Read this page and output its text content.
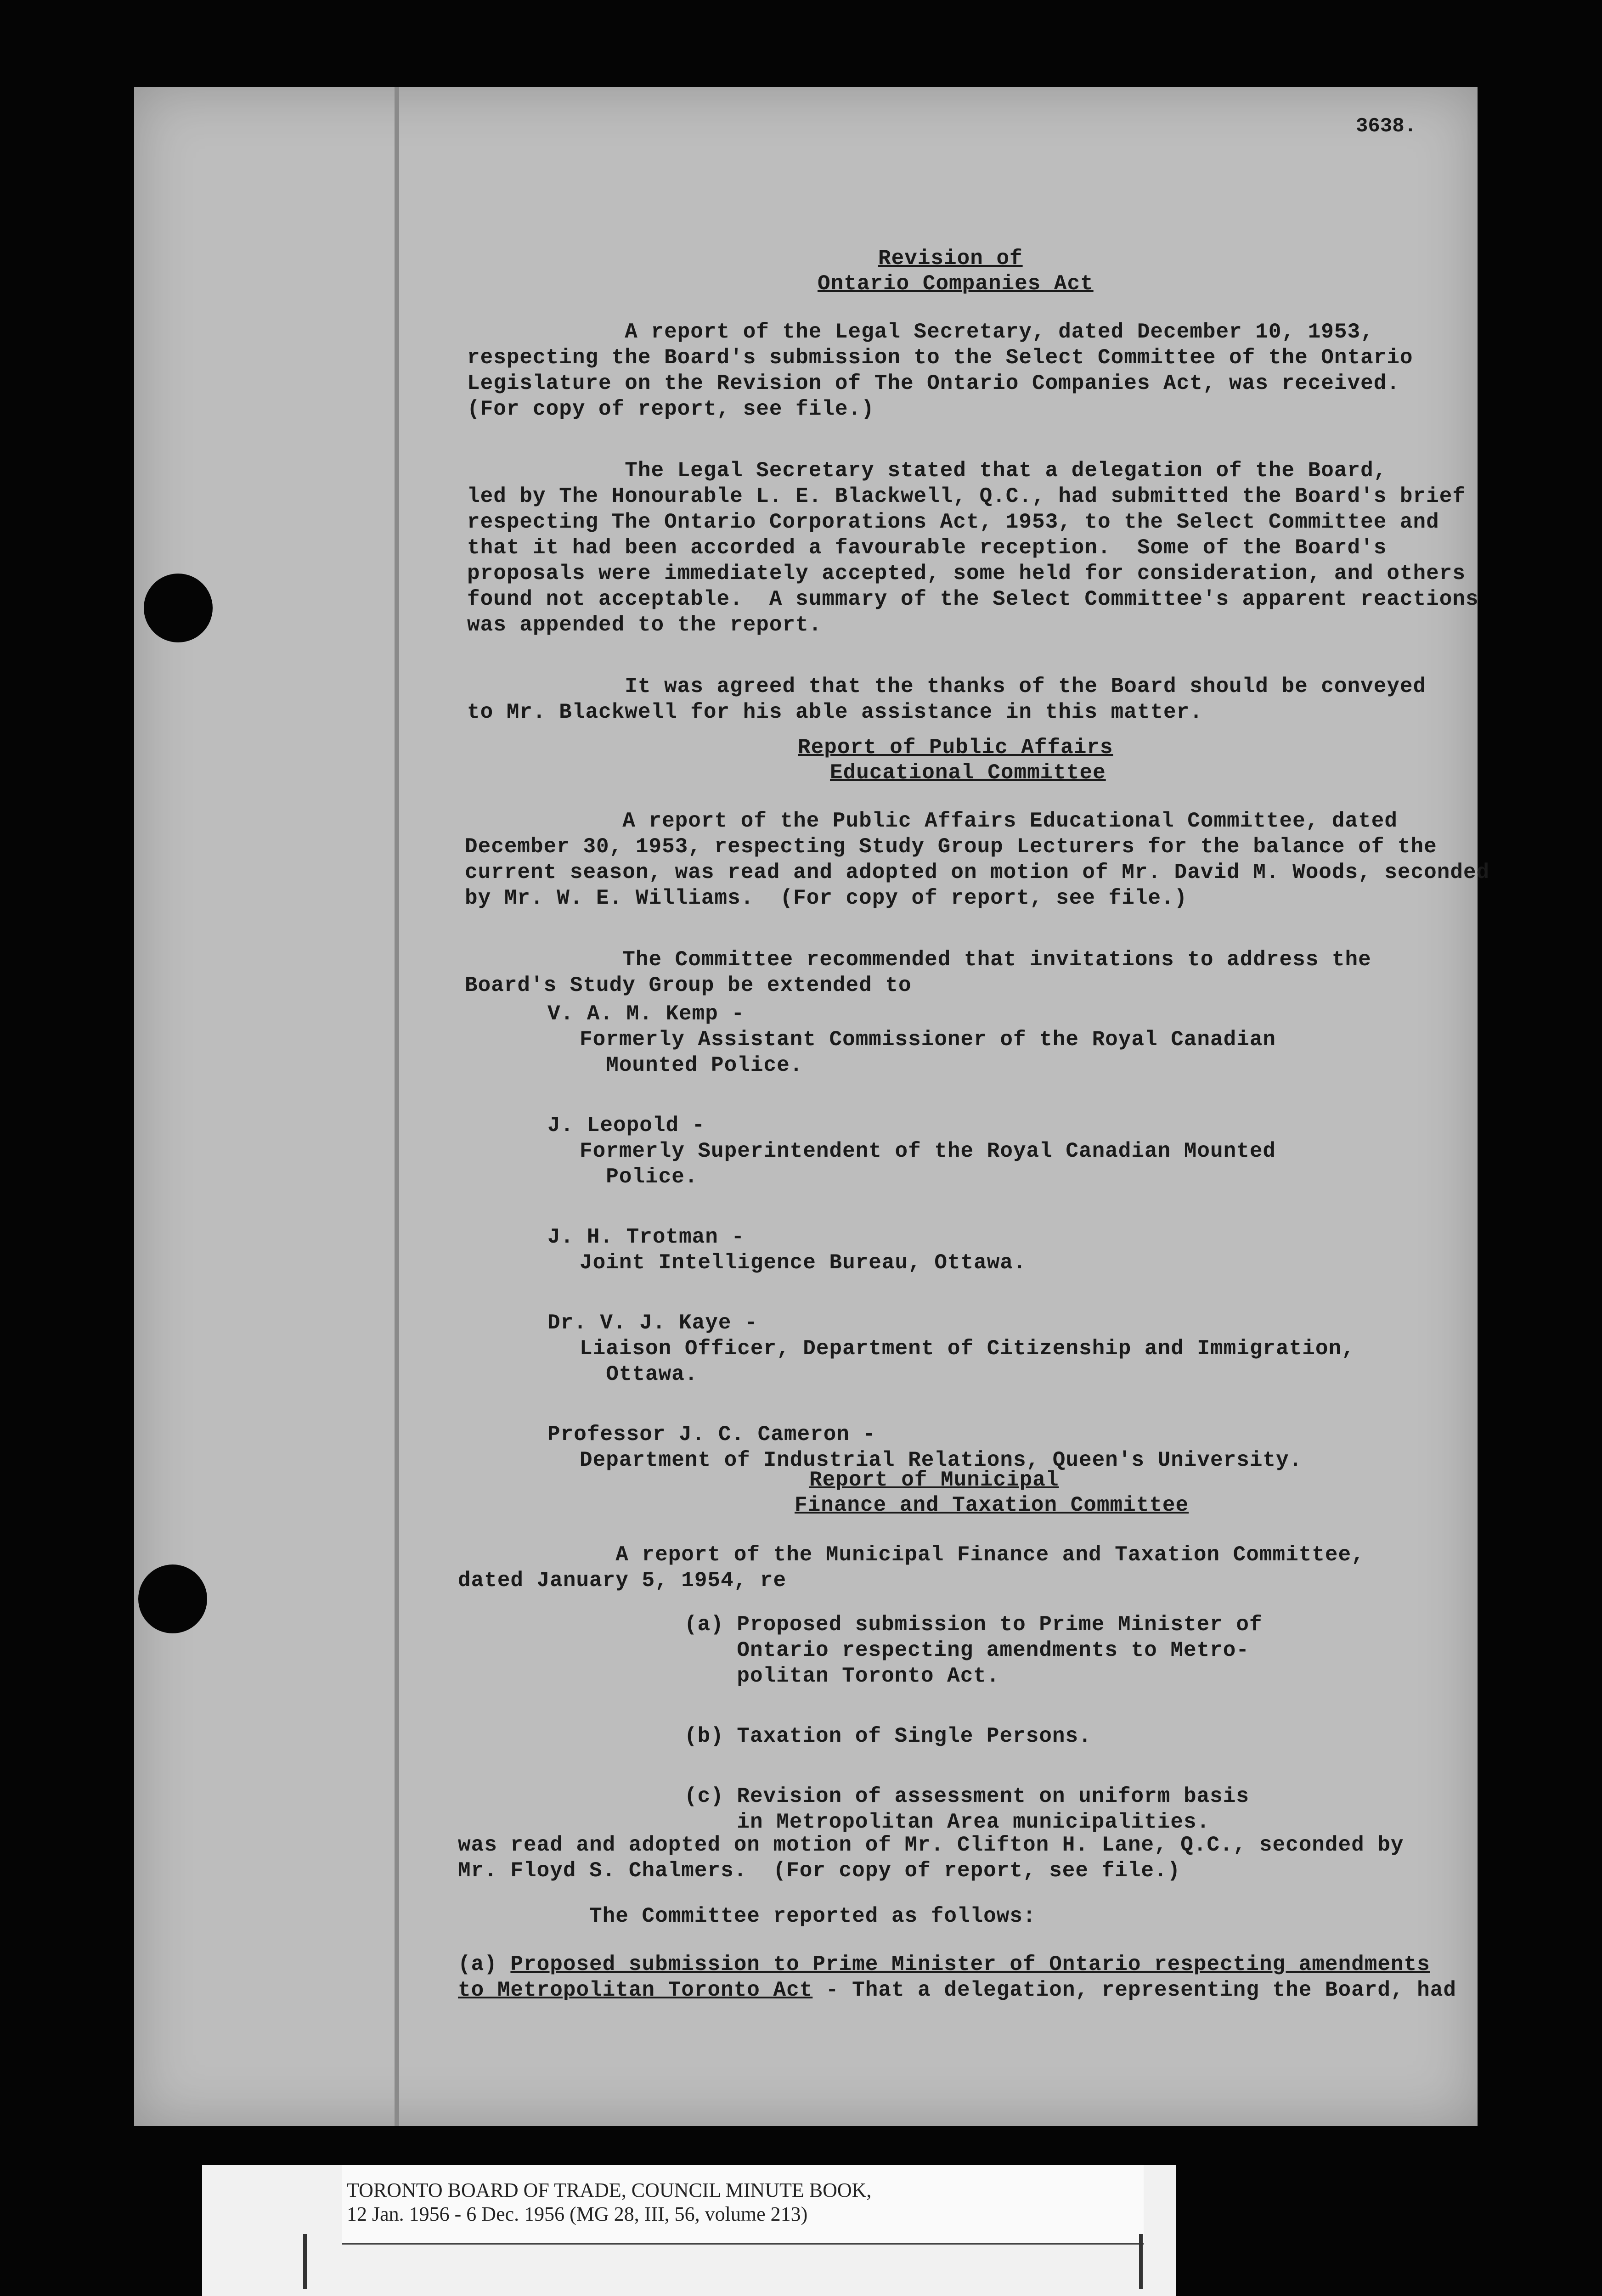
3638.
Revision of
Ontario Companies Act
A report of the Legal Secretary, dated December 10, 1953,
respecting the Board's submission to the Select Committee of the Ontario
Legislature on the Revision of The Ontario Companies Act, was received.
(For copy of report, see file.)
The Legal Secretary stated that a delegation of the Board,
led by The Honourable L. E. Blackwell, Q.C., had submitted the Board's brief
respecting The Ontario Corporations Act, 1953, to the Select Committee and
that it had been accorded a favourable reception.  Some of the Board's
proposals were immediately accepted, some held for consideration, and others
found not acceptable.  A summary of the Select Committee's apparent reactions
was appended to the report.
It was agreed that the thanks of the Board should be conveyed
to Mr. Blackwell for his able assistance in this matter.
Report of Public Affairs
Educational Committee
A report of the Public Affairs Educational Committee, dated
December 30, 1953, respecting Study Group Lecturers for the balance of the
current season, was read and adopted on motion of Mr. David M. Woods, seconded
by Mr. W. E. Williams.  (For copy of report, see file.)
The Committee recommended that invitations to address the
Board's Study Group be extended to
V. A. M. Kemp -
Formerly Assistant Commissioner of the Royal Canadian
Mounted Police.
J. Leopold -
Formerly Superintendent of the Royal Canadian Mounted
Police.
J. H. Trotman -
Joint Intelligence Bureau, Ottawa.
Dr. V. J. Kaye -
Liaison Officer, Department of Citizenship and Immigration,
Ottawa.
Professor J. C. Cameron -
Department of Industrial Relations, Queen's University.
Report of Municipal
Finance and Taxation Committee
A report of the Municipal Finance and Taxation Committee,
dated January 5, 1954, re
(a) Proposed submission to Prime Minister of
Ontario respecting amendments to Metro-
politan Toronto Act.
(b) Taxation of Single Persons.
(c) Revision of assessment on uniform basis
in Metropolitan Area municipalities.
was read and adopted on motion of Mr. Clifton H. Lane, Q.C., seconded by
Mr. Floyd S. Chalmers.  (For copy of report, see file.)
The Committee reported as follows:
(a) Proposed submission to Prime Minister of Ontario respecting amendments
to Metropolitan Toronto Act - That a delegation, representing the Board, had
TORONTO BOARD OF TRADE, COUNCIL MINUTE BOOK,
12 Jan. 1956 - 6 Dec. 1956 (MG 28, III, 56, volume 213)
